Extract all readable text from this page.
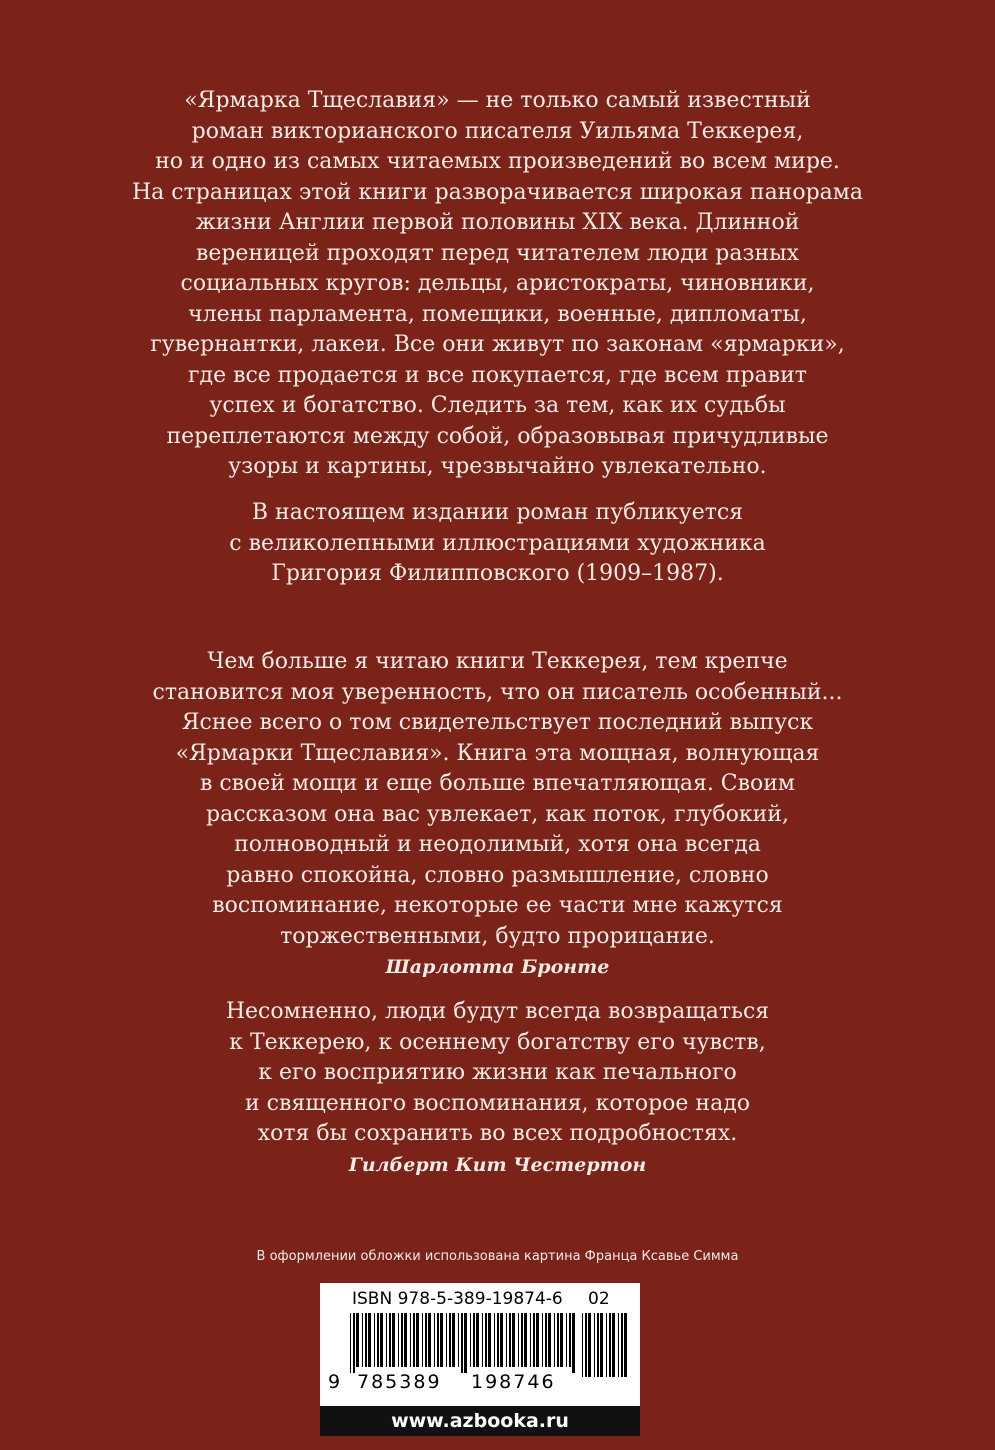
«Ярмарка Тщеславия» — не только самый известный
роман викторианского писателя Уильяма Теккерея,
но и одно из самых читаемых произведений во всем мире.
На страницах этой книги разворачивается широкая панорама
жизни Англии первой половины XIX века. Длинной
вереницей проходят перед читателем люди разных
социальных кругов: дельцы, аристократы, чиновники,
члены парламента, помещики, военные, дипломаты,
гувернантки, лакеи. Все они живут по законам «ярмарки»,
где все продается и все покупается, где всем правит
успех и богатство. Следить за тем, как их судьбы
переплетаются между собой, образовывая причудливые
узоры и картины, чрезвычайно увлекательно.
В настоящем издании роман публикуется
с великолепными иллюстрациями художника
Григория Филипповского (1909–1987).
Чем больше я читаю книги Теккерея, тем крепче
становится моя уверенность, что он писатель особенный...
Яснее всего о том свидетельствует последний выпуск
«Ярмарки Тщеславия». Книга эта мощная, волнующая
в своей мощи и еще больше впечатляющая. Своим
рассказом она вас увлекает, как поток, глубокий,
полноводный и неодолимый, хотя она всегда
равно спокойна, словно размышление, словно
воспоминание, некоторые ее части мне кажутся
торжественными, будто прорицание.
Шарлотта Бронте
Несомненно, люди будут всегда возвращаться
к Теккерею, к осеннему богатству его чувств,
к его восприятию жизни как печального
и священного воспоминания, которое надо
хотя бы сохранить во всех подробностях.
Гилберт Кит Честертон
В оформлении обложки использована картина Франца Ксавье Симма
ISBN 978-5-389-19874-6 02
9 785389 198746
www.azbooka.ru
